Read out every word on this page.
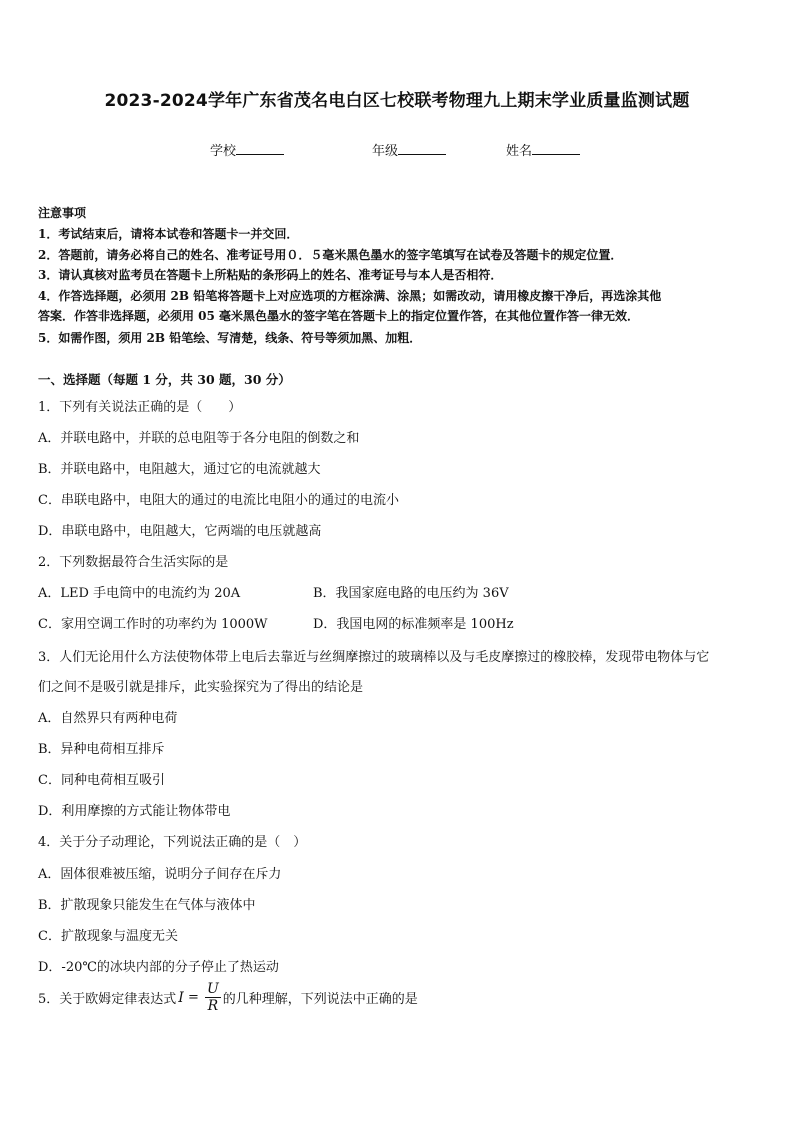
2023-2024学年广东省茂名电白区七校联考物理九上期末学业质量监测试题
学校	年级	姓名
注意事项
1．考试结束后，请将本试卷和答题卡一并交回．
2．答题前，请务必将自己的姓名、准考证号用０．５毫米黑色墨水的签字笔填写在试卷及答题卡的规定位置．
3．请认真核对监考员在答题卡上所粘贴的条形码上的姓名、准考证号与本人是否相符．
4．作答选择题，必须用 2B 铅笔将答题卡上对应选项的方框涂满、涂黑；如需改动，请用橡皮擦干净后，再选涂其他
答案．作答非选择题，必须用 05 毫米黑色墨水的签字笔在答题卡上的指定位置作答，在其他位置作答一律无效．
5．如需作图，须用 2B 铅笔绘、写清楚，线条、符号等须加黑、加粗．
一、选择题（每题 1 分，共 30 题，30 分）
1．下列有关说法正确的是（　　）
A．并联电路中，并联的总电阻等于各分电阻的倒数之和
B．并联电路中，电阻越大，通过它的电流就越大
C．串联电路中，电阻大的通过的电流比电阻小的通过的电流小
D．串联电路中，电阻越大，它两端的电压就越高
2．下列数据最符合生活实际的是
A．LED 手电筒中的电流约为 20A	B．我国家庭电路的电压约为 36V
C．家用空调工作时的功率约为 1000W	D．我国电网的标准频率是 100Hz
3．人们无论用什么方法使物体带上电后去靠近与丝绸摩擦过的玻璃棒以及与毛皮摩擦过的橡胶棒，发现带电物体与它
们之间不是吸引就是排斥，此实验探究为了得出的结论是
A．自然界只有两种电荷
B．异种电荷相互排斥
C．同种电荷相互吸引
D．利用摩擦的方式能让物体带电
4．关于分子动理论，下列说法正确的是（　）
A．固体很难被压缩，说明分子间存在斥力
B．扩散现象只能发生在气体与液体中
C．扩散现象与温度无关
D．-20℃的冰块内部的分子停止了热运动
5．关于欧姆定律表达式 $I = \frac{U}{R}$ 的几种理解，下列说法中正确的是
